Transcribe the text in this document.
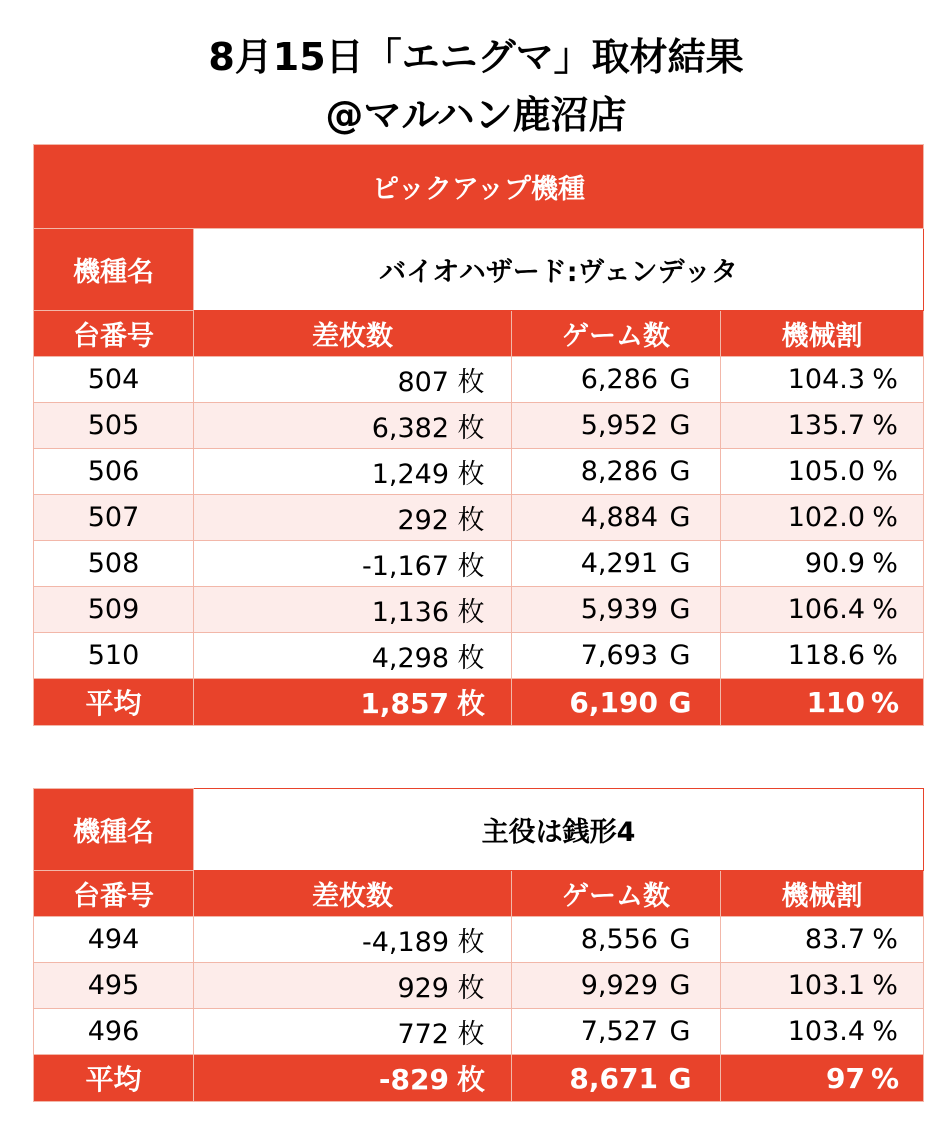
8月15日「エニグマ」取材結果
@マルハン鹿沼店
ピックアップ機種			
機種名	バイオハザード:ヴェンデッタ		
台番号	差枚数	ゲーム数	機械割
504	807 枚	6,286 G	104.3 %
505	6,382 枚	5,952 G	135.7 %
506	1,249 枚	8,286 G	105.0 %
507	292 枚	4,884 G	102.0 %
508	-1,167 枚	4,291 G	90.9 %
509	1,136 枚	5,939 G	106.4 %
510	4,298 枚	7,693 G	118.6 %
平均	1,857 枚	6,190 G	110 %
機種名	主役は銭形4		
台番号	差枚数	ゲーム数	機械割
494	-4,189 枚	8,556 G	83.7 %
495	929 枚	9,929 G	103.1 %
496	772 枚	7,527 G	103.4 %
平均	-829 枚	8,671 G	97 %
